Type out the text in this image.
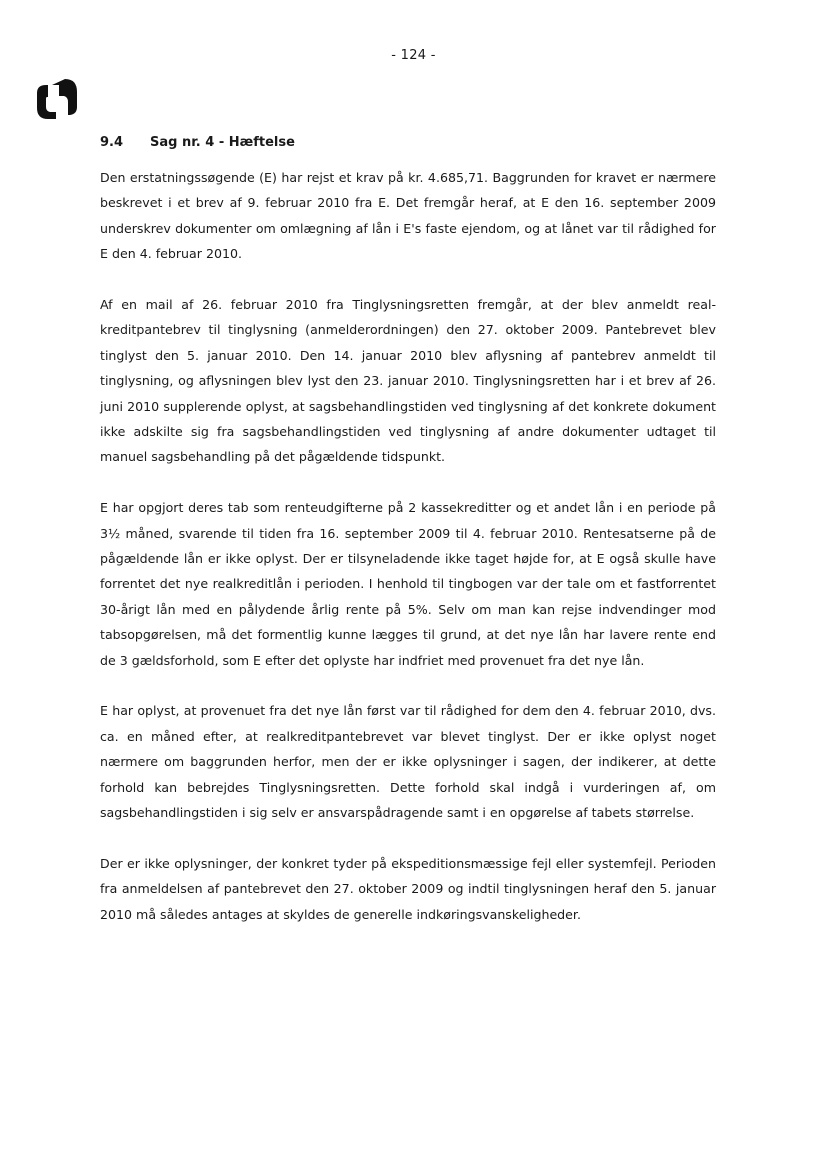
- 124 -
9.4 Sag nr. 4 - Hæftelse

Den erstatningssøgende (E) har rejst et krav på kr. 4.685,71. Baggrunden for kravet er nærmere beskrevet i et brev af 9. februar 2010 fra E. Det fremgår heraf, at E den 16. september 2009 underskrev dokumenter om omlægning af lån i E's faste ejendom, og at lånet var til rådighed for E den 4. februar 2010.

Af en mail af 26. februar 2010 fra Tinglysningsretten fremgår, at der blev anmeldt realkreditpantebrev til tinglysning (anmelderordningen) den 27. oktober 2009. Pantebrevet blev tinglyst den 5. januar 2010. Den 14. januar 2010 blev aflysning af pantebrev anmeldt til tinglysning, og aflysningen blev lyst den 23. januar 2010. Tinglysningsretten har i et brev af 26. juni 2010 supplerende oplyst, at sagsbehandlingstiden ved tinglysning af det konkrete dokument ikke adskilte sig fra sagsbehandlingstiden ved tinglysning af andre dokumenter udtaget til manuel sagsbehandling på det pågældende tidspunkt.

E har opgjort deres tab som renteudgifterne på 2 kassekreditter og et andet lån i en periode på 3½ måned, svarende til tiden fra 16. september 2009 til 4. februar 2010. Rentesatserne på de pågældende lån er ikke oplyst. Der er tilsyneladende ikke taget højde for, at E også skulle have forrentet det nye realkreditlån i perioden. I henhold til tingbogen var der tale om et fastforrentet 30-årigt lån med en pålydende årlig rente på 5%. Selv om man kan rejse indvendinger mod tabsopgørelsen, må det formentlig kunne lægges til grund, at det nye lån har lavere rente end de 3 gældsforhold, som E efter det oplyste har indfriet med provenuet fra det nye lån.

E har oplyst, at provenuet fra det nye lån først var til rådighed for dem den 4. februar 2010, dvs. ca. en måned efter, at realkreditpantebrevet var blevet tinglyst. Der er ikke oplyst noget nærmere om baggrunden herfor, men der er ikke oplysninger i sagen, der indikerer, at dette forhold kan bebrejdes Tinglysningsretten. Dette forhold skal indgå i vurderingen af, om sagsbehandlingstiden i sig selv er ansvarspådragende samt i en opgørelse af tabets størrelse.

Der er ikke oplysninger, der konkret tyder på ekspeditionsmæssige fejl eller systemfejl. Perioden fra anmeldelsen af pantebrevet den 27. oktober 2009 og indtil tinglysningen heraf den 5. januar 2010 må således antages at skyldes de generelle indkøringsvanskeligheder.
